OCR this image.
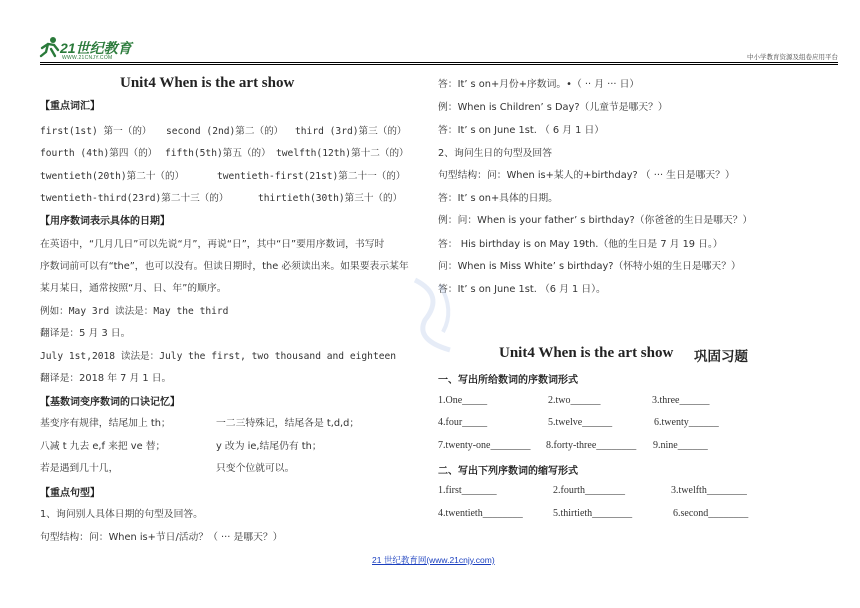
21世纪教育
WWW.21CNJY.COM	中小学教育资源及组卷应用平台
Unit4 When is the art show
【重点词汇】
first(1st) 第一（的） second (2nd)第二（的） third (3rd)第三（的）
fourth (4th)第四（的） fifth(5th)第五（的） twelfth(12th)第十二（的）
twentieth(20th)第二十（的）	twentieth-first(21st)第二十一（的）
twentieth-third(23rd)第二十三（的）	thirtieth(30th)第三十（的）
【用序数词表示具体的日期】
在英语中，“几月几日”可以先说“月”，再说“日”，其中“日”要用序数词，书写时
序数词前可以有“the”，也可以没有。但读日期时，the 必须读出来。如果要表示某年
某月某日，通常按照“月、日、年”的顺序。
例如：May 3rd 读法是：May the third
翻译是：5 月 3 日。
July 1st,2018 读法是：July the first, two thousand and eighteen
翻译是：2018 年 7 月 1 日。
【基数词变序数词的口诀记忆】
基变序有规律，结尾加上 th；	一二三特殊记，结尾各是 t,d,d；
八减 t 九去 e,f 来把 ve 替；	y 改为 ie,结尾仍有 th；
若是遇到几十几，	只变个位就可以。
【重点句型】
1、询问别人具体日期的句型及回答。
句型结构：问：When is+节日/活动？（ ··· 是哪天？）
答：It’ s on+月份+序数词。•（ ·· 月 ··· 日）
例：When is Children’ s Day?（儿童节是哪天？）
答：It’ s on June 1st. （ 6 月 1 日）
2、询问生日的句型及回答
句型结构：问：When is+某人的+birthday? （ ··· 生日是哪天？）
答：It’ s on+具体的日期。
例：问：When is your father’ s birthday?（你爸爸的生日是哪天？）
答： His birthday is on May 19th.（他的生日是 7 月 19 日。）
问：When is Miss White’ s birthday?（怀特小姐的生日是哪天？）
答：It’ s on June 1st. （6 月 1 日）。
Unit4 When is the art show 巩固习题
一、写出所给数词的序数词形式
1.One_____	2.two______	3.three______
4.four_____	5.twelve______	6.twenty______
7.twenty-one________ 8.forty-three________ 9.nine______
二、写出下列序数词的缩写形式
1.first_______	2.fourth________	3.twelfth________
4.twentieth________	5.thirtieth________	6.second________
21 世纪教育网(www.21cnjy.com)
